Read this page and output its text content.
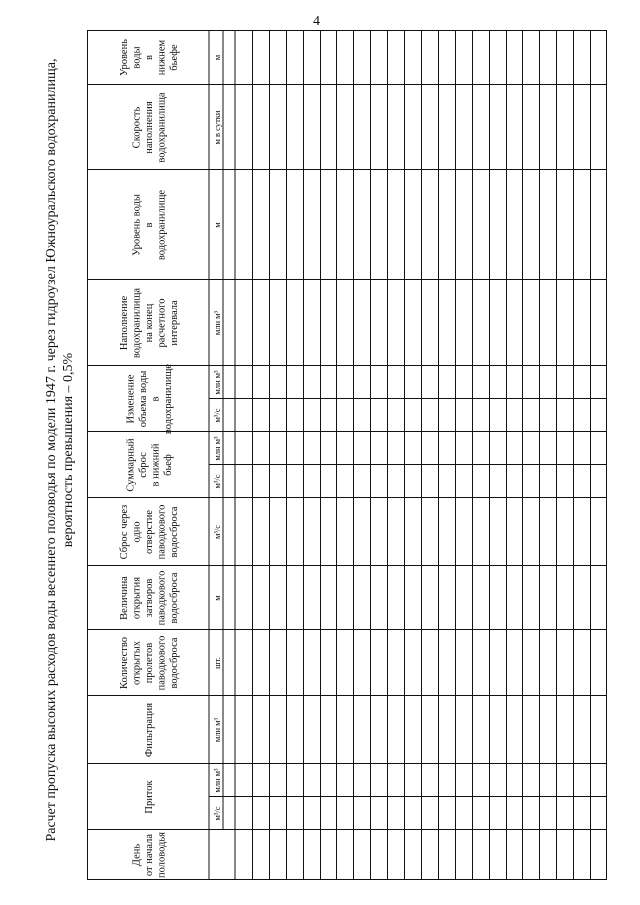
4
Расчет пропуска высоких расходов воды весеннего половодья по модели 1947 г. через гидроузел Южноуральского водохранилища, вероятность превышения – 0,5%
День от начала половодья
Приток
Фильтрация
Количество открытых пролетов паводкового водосброса
Величина открытия затворов паводкового водосброса
Сброс через одно отверстие паводкового водосброса
Суммарный сброс в нижний бьеф
Изменение объема воды в водохранилище
Наполнение водохранилища на конец расчетного интервала
Уровень воды в водохранилище
Скорость наполнения водохранилища
Уровень воды в нижнем бьефе
м³/с
млн м³
млн м³
шт.
м
м³/с
м³/с
млн м³
м³/с
млн м³
млн м³
м
м в сутки
м
